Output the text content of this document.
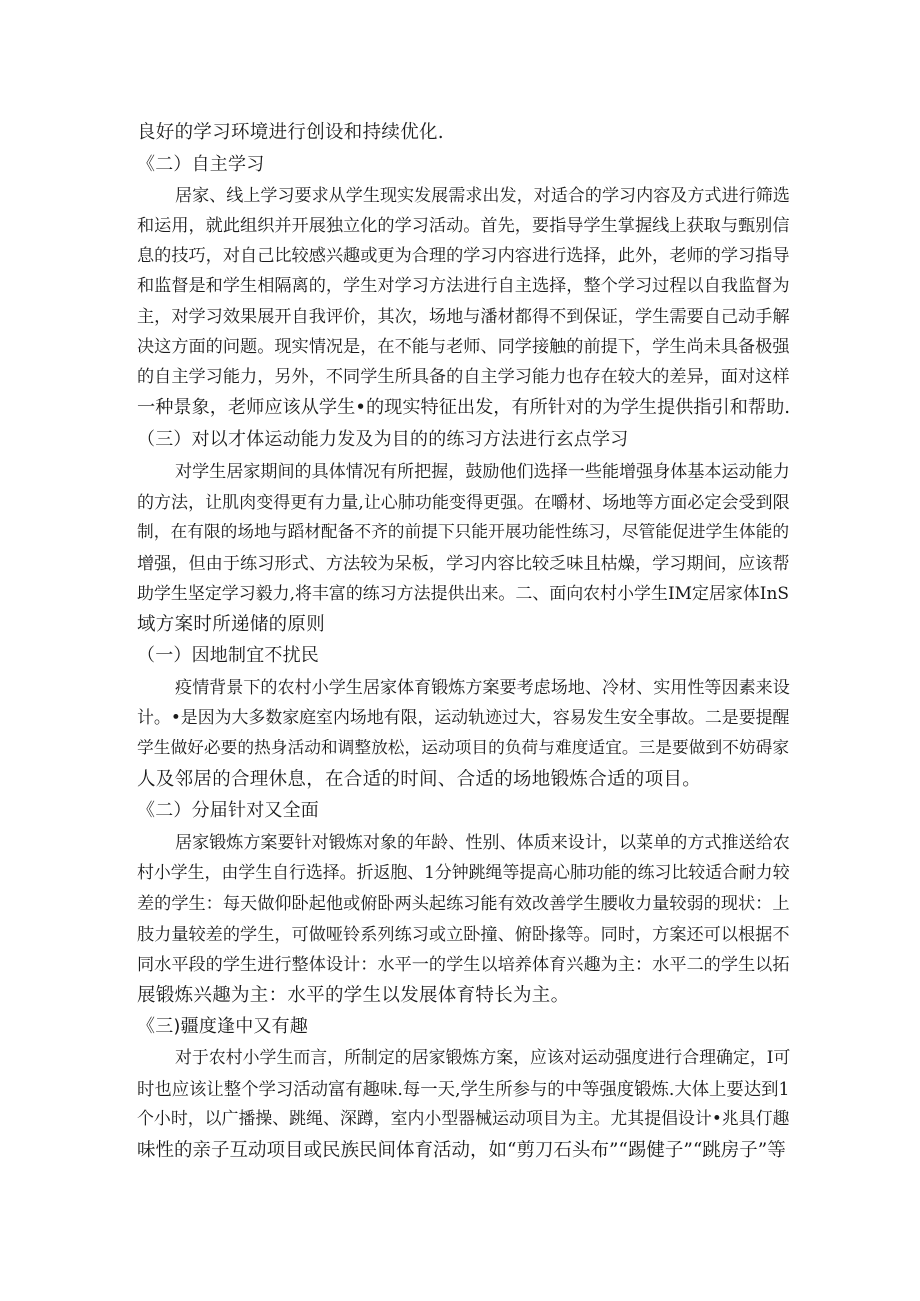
良好的学习环境进行创设和持续优化.
《二）自主学习
居家、线上学习要求从学生现实发展需求出发，对适合的学习内容及方式进行筛选
和运用，就此组织并开展独立化的学习活动。首先，要指导学生掌握线上获取与甄别信
息的技巧，对自己比较感兴趣或更为合理的学习内容进行选择，此外，老师的学习指导
和监督是和学生相隔离的，学生对学习方法进行自主选择，整个学习过程以自我监督为
主，对学习效果展开自我评价，其次，场地与潘材都得不到保证，学生需要自己动手解
决这方面的问题。现实情况是，在不能与老师、同学接触的前提下，学生尚未具备极强
的自主学习能力，另外，不同学生所具备的自主学习能力也存在较大的差异，面对这样
一种景象，老师应该从学生•的现实特征出发，有所针对的为学生提供指引和帮助.
（三）对以才体运动能力发及为目的的练习方法进行玄点学习
对学生居家期间的具体情况有所把握，鼓励他们选择一些能增强身体基本运动能力
的方法，让肌肉变得更有力量,让心肺功能变得更强。在嚼材、场地等方面必定会受到限
制，在有限的场地与蹈材配备不齐的前提下只能开展功能性练习，尽管能促进学生体能的
增强，但由于练习形式、方法较为呆板，学习内容比较乏味且枯燥，学习期间，应该帮
助学生坚定学习毅力,将丰富的练习方法提供出来。二、面向农村小学生IM定居家体InS
域方案时所递储的原则
（一）因地制宜不扰民
疫情背景下的农村小学生居家体育锻炼方案要考虑场地、冷材、实用性等因素来设
计。•是因为大多数家庭室内场地有限，运动轨迹过大，容易发生安全事故。二是要提醒
学生做好必要的热身活动和调整放松，运动项目的负荷与难度适宜。三是要做到不妨碍家
人及邻居的合理休息，在合适的时间、合适的场地锻炼合适的项目。
《二）分届针对又全面
居家锻炼方案要针对锻炼对象的年龄、性别、体质来设计，以菜单的方式推送给农
村小学生，由学生自行选择。折返胞、1分钟跳绳等提高心肺功能的练习比较适合耐力较
差的学生：每天做仰卧起他或俯卧两头起练习能有效改善学生腰收力量较弱的现状：上
肢力量较差的学生，可做哑铃系列练习或立卧撞、俯卧掾等。同时，方案还可以根据不
同水平段的学生进行整体设计：水平一的学生以培养体育兴趣为主：水平二的学生以拓
展锻炼兴趣为主：水平的学生以发展体育特长为主。
《三)疆度逢中又有趣
对于农村小学生而言，所制定的居家锻炼方案，应该对运动强度进行合理确定，I可
时也应该让整个学习活动富有趣味.每一天,学生所参与的中等强度锻炼.大体上要达到1
个小时，以广播操、跳绳、深蹲，室内小型器械运动项目为主。尤其提倡设计•兆具仃趣
味性的亲子互动项目或民族民间体育活动，如“剪刀石头布”“踢健子”“跳房子”等
